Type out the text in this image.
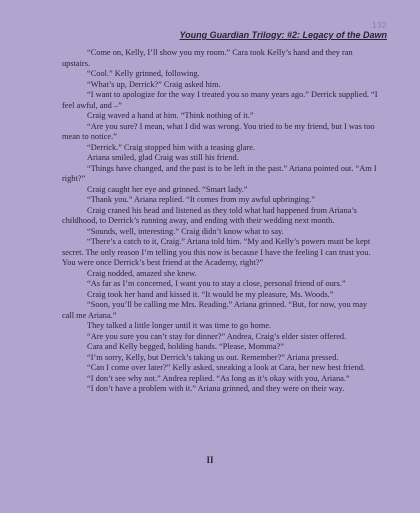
132
Young Guardian Trilogy: #2: Legacy of the Dawn

“Come on, Kelly, I’ll show you my room.” Cara took Kelly’s hand and they ran upstairs.

“Cool.” Kelly grinned, following.

“What’s up, Derrick?” Craig asked him.

“I want to apologize for the way I treated you so many years ago.” Derrick supplied. “I feel awful, and –”

Craig waved a hand at him. “Think nothing of it.”

“Are you sure? I mean, what I did was wrong. You tried to be my friend, but I was too mean to notice.”

“Derrick.” Craig stopped him with a teasing glare.

Ariana smiled, glad Craig was still his friend.

“Things have changed, and the past is to be left in the past.” Ariana pointed out. “Am I right?”

Craig caught her eye and grinned. “Smart lady.”

“Thank you.” Ariana replied. “It comes from my awful upbringing.”

Craig craned his head and listened as they told what had happened from Ariana’s childhood, to Derrick’s running away, and ending with their wedding next month.

“Sounds, well, interesting.” Craig didn’t know what to say.

“There’s a catch to it, Craig.” Ariana told him. “My and Kelly’s powers must be kept secret. The only reason I’m telling you this now is because I have the feeling I can trust you. You were once Derrick’s best friend at the Academy, right?”

Craig nodded, amazed she knew.

“As far as I’m concerned, I want you to stay a close, personal friend of ours.”

Craig took her hand and kissed it. “It would be my pleasure, Ms. Woods.”

“Soon, you’ll be calling me Mrs. Reading.” Ariana grinned. “But, for now, you may call me Ariana.”

They talked a little longer until it was time to go home.

“Are you sure you can’t stay for dinner?” Andrea, Craig’s elder sister offered.

Cara and Kelly begged, holding hands. “Please, Momma?”

“I’m sorry, Kelly, but Derrick’s taking us out. Remember?” Ariana pressed.

“Can I come over later?” Kelly asked, sneaking a look at Cara, her new best friend.

“I don’t see why not.” Andrea replied. “As long as it’s okay with you, Ariana.”

“I don’t have a problem with it.” Ariana grinned, and they were on their way.

II
